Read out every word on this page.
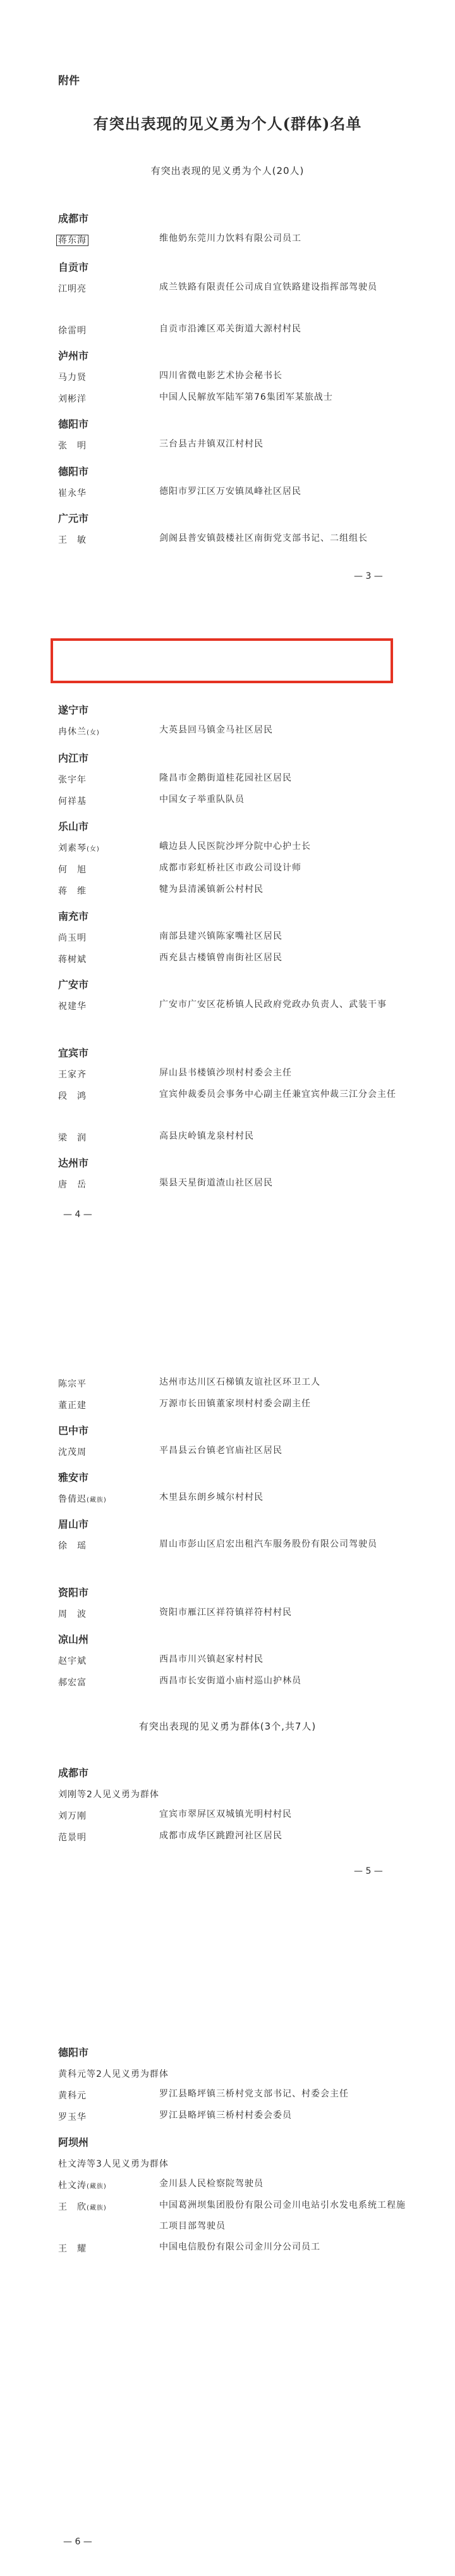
附件
有突出表现的见义勇为个人(群体)名单
有突出表现的见义勇为个人(20人)
成都市
蒋东海	维他奶东莞川力饮料有限公司员工
自贡市
江明亮	成兰铁路有限责任公司成自宜铁路建设指挥部驾驶员
徐雷明	自贡市沿滩区邓关街道大源村村民
泸州市
马力贤	四川省微电影艺术协会秘书长
刘彬洋	中国人民解放军陆军第76集团军某旅战士
德阳市
张　明	三台县古井镇双江村村民
德阳市
崔永华	德阳市罗江区万安镇凤峰社区居民
广元市
王　敏	剑阁县普安镇鼓楼社区南街党支部书记、二组组长
— 3 —
遂宁市
冉休兰(女)	大英县回马镇金马社区居民
内江市
张宇年	隆昌市金鹅街道桂花园社区居民
何祥基	中国女子举重队队员
乐山市
刘素琴(女)	峨边县人民医院沙坪分院中心护士长
何　旭	成都市彩虹桥社区市政公司设计师
蒋　维	犍为县清溪镇新公村村民
南充市
尚玉明	南部县建兴镇陈家嘴社区居民
蒋树斌	西充县古楼镇曾南街社区居民
广安市
祝建华	广安市广安区花桥镇人民政府党政办负责人、武装干事
宜宾市
王家齐	屏山县书楼镇沙坝村村委会主任
段　鸿	宜宾仲裁委员会事务中心副主任兼宜宾仲裁三江分会主任
梁　润	高县庆岭镇龙泉村村民
达州市
唐　岳	渠县天星街道渣山社区居民
— 4 —
陈宗平	达州市达川区石梯镇友谊社区环卫工人
董正建	万源市长田镇董家坝村村委会副主任
巴中市
沈茂周	平昌县云台镇老官庙社区居民
雅安市
鲁倩迟(藏族)	木里县东朗乡城尔村村民
眉山市
徐　瑶	眉山市彭山区启宏出租汽车服务股份有限公司驾驶员
资阳市
周　波	资阳市雁江区祥符镇祥符村村民
凉山州
赵宇斌	西昌市川兴镇赵家村村民
郝宏富	西昌市长安街道小庙村巡山护林员
有突出表现的见义勇为群体(3个,共7人)
成都市
刘刚等2人见义勇为群体
刘万刚	宜宾市翠屏区双城镇光明村村民
范景明	成都市成华区跳蹬河社区居民
— 5 —
德阳市
黄科元等2人见义勇为群体
黄科元	罗江县略坪镇三桥村党支部书记、村委会主任
罗玉华	罗江县略坪镇三桥村村委会委员
阿坝州
杜文涛等3人见义勇为群体
杜文涛(藏族)	金川县人民检察院驾驶员
王　欣(藏族)	中国葛洲坝集团股份有限公司金川电站引水发电系统工程施工项目部驾驶员
王　耀	中国电信股份有限公司金川分公司员工
— 6 —
